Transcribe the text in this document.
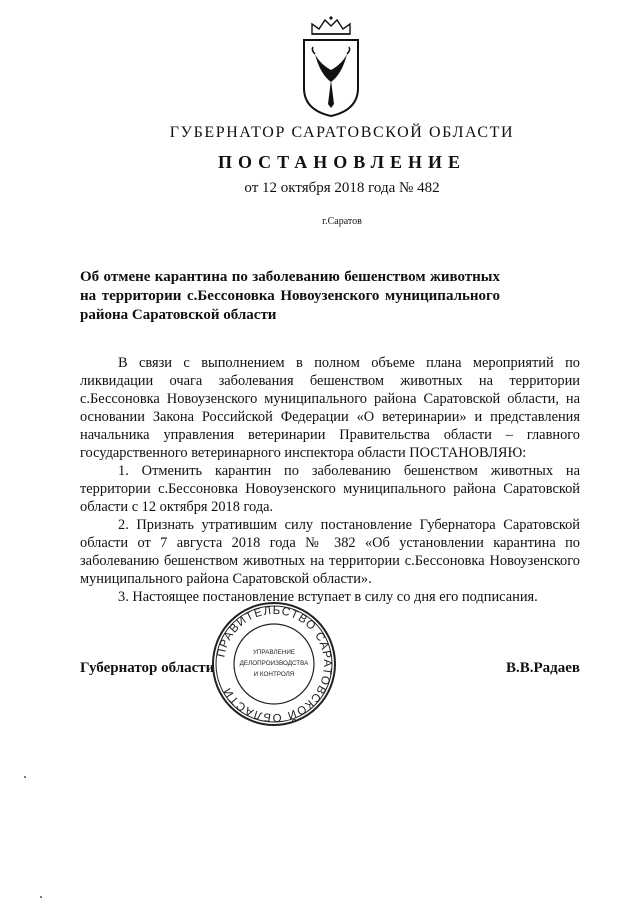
ГУБЕРНАТОР САРАТОВСКОЙ ОБЛАСТИ
ПОСТАНОВЛЕНИЕ
от 12 октября 2018 года № 482
г.Саратов
Об отмене карантина по заболеванию бешенством животных на территории с.Бессоновка Новоузенского муниципального района Саратовской области

В связи с выполнением в полном объеме плана мероприятий по ликвидации очага заболевания бешенством животных на территории с.Бессоновка Новоузенского муниципального района Саратовской области, на основании Закона Российской Федерации «О ветеринарии» и представления начальника управления ветеринарии Правительства области – главного государственного ветеринарного инспектора области ПОСТАНОВЛЯЮ:

1. Отменить карантин по заболеванию бешенством животных на территории с.Бессоновка Новоузенского муниципального района Саратовской области с 12 октября 2018 года.

2. Признать утратившим силу постановление Губернатора Саратовской области от 7 августа 2018 года № 382 «Об установлении карантина по заболеванию бешенством животных на территории с.Бессоновка Новоузенского муниципального района Саратовской области».

3. Настоящее постановление вступает в силу со дня его подписания.

Губернатор области	В.В.Радаев
ПРАВИТЕЛЬСТВО САРАТОВСКОЙ ОБЛАСТИ
УПРАВЛЕНИЕ
ДЕЛОПРОИЗВОДСТВА
И КОНТРОЛЯ
